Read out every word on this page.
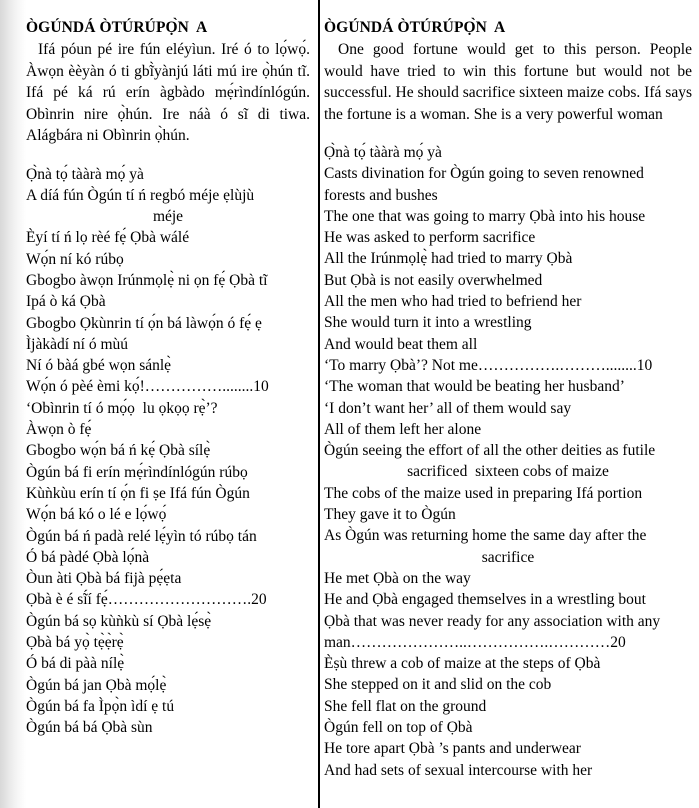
ÒGÚNDÁ ÒTÚRÚPỌ̀N  A

Ifá póun pé ire fún eléyìun. Iré ó to lọ́wọ́. Àwọn èèyàn ó ti gbĩ̀yànjú láti mú ire ọ̀hún tĩ. Ifá pé ká rú erín àgbàdo mẹ́rìndínlógún. Obìnrin nire ọ̀hún. Ire náà ó sĩ di tiwa. Alágbára ni Obìnrin ọ̀hún.

Ọ̀nà tọ́ tààrà mọ́ yà
A díá fún Ògún tí ń regbó méje ẹlùjù
méje
Èyí tí ń lọ rèé fẹ́ Ọbà wálé
Wọ́n ní kó rúbọ
Gbogbo àwọn Irúnmọlẹ̀ ni ọn fẹ́ Ọbà tĩ
Ipá ò ká Ọbà
Gbogbo Ọkùnrin tí ọ́n bá làwọ́n ó fẹ́ ẹ
Ìjàkàdí ní ó mùú
Ní ó bàá gbé wọn sánlẹ̀
Wọ́n ó pèé èmi kọ́!……………........10
‘Obìnrin tí ó mọ́ọ  lu ọkọọ rẹ̀’?
Àwọn ò fẹ́
Gbogbo wọ́n bá ń kẹ́ Ọbà sílẹ̀
Ògún bá fi erín mẹ́rìndínlógún rúbọ
Kùǹkùu erín tí ọ́n fi ṣe Ifá fún Ògún
Wọ́n bá kó o lé e lọ́wọ́
Ògún bá ń padà relé lẹ́yìn tó rúbọ tán
Ó bá pàdé Ọbà lọ́nà
Òun àti Ọbà bá fijà pẹ́ẹta
Ọbà è é sĩ́í fẹ́……………………….20
Ògún bá sọ kùǹkù sí Ọbà lẹ́sẹ̀
Ọbà bá yọ̀ tẹ̀ẹ̀rẹ̀
Ó bá di pàà nílẹ̀
Ògún bá jan Ọbà mọ́lẹ̀
Ògún bá fa Ìpọ̀n ìdí ẹ tú
Ògún bá bá Ọbà sùn
ÒGÚNDÁ ÒTÚRÚPỌ̀N  A

One good fortune would get to this person. People would have tried to win this fortune but would not be successful. He should sacrifice sixteen maize cobs. Ifá says the fortune is a woman. She is a very powerful woman

Ọ̀nà tọ́ tààrà mọ́ yà
Casts divination for Ògún going to seven renowned
forests and bushes
The one that was going to marry Ọbà into his house
He was asked to perform sacrifice
All the Irúnmọlẹ̀ had tried to marry Ọbà
But Ọbà is not easily overwhelmed
All the men who had tried to befriend her
She would turn it into a wrestling
And would beat them all
‘To marry Ọbà’? Not me…………….………........10
‘The woman that would be beating her husband’
‘I don’t want her’ all of them would say
All of them left her alone
Ògún seeing the effort of all the other deities as futile
sacrificed  sixteen cobs of maize
The cobs of the maize used in preparing Ifá portion
They gave it to Ògún
As Ògún was returning home the same day after the
sacrifice
He met Ọbà on the way
He and Ọbà engaged themselves in a wrestling bout
Ọbà that was never ready for any association with any
man…………………..…………….…………20
Èṣù threw a cob of maize at the steps of Ọbà
She stepped on it and slid on the cob
She fell flat on the ground
Ògún fell on top of Ọbà
He tore apart Ọbà ’s pants and underwear
And had sets of sexual intercourse with her
